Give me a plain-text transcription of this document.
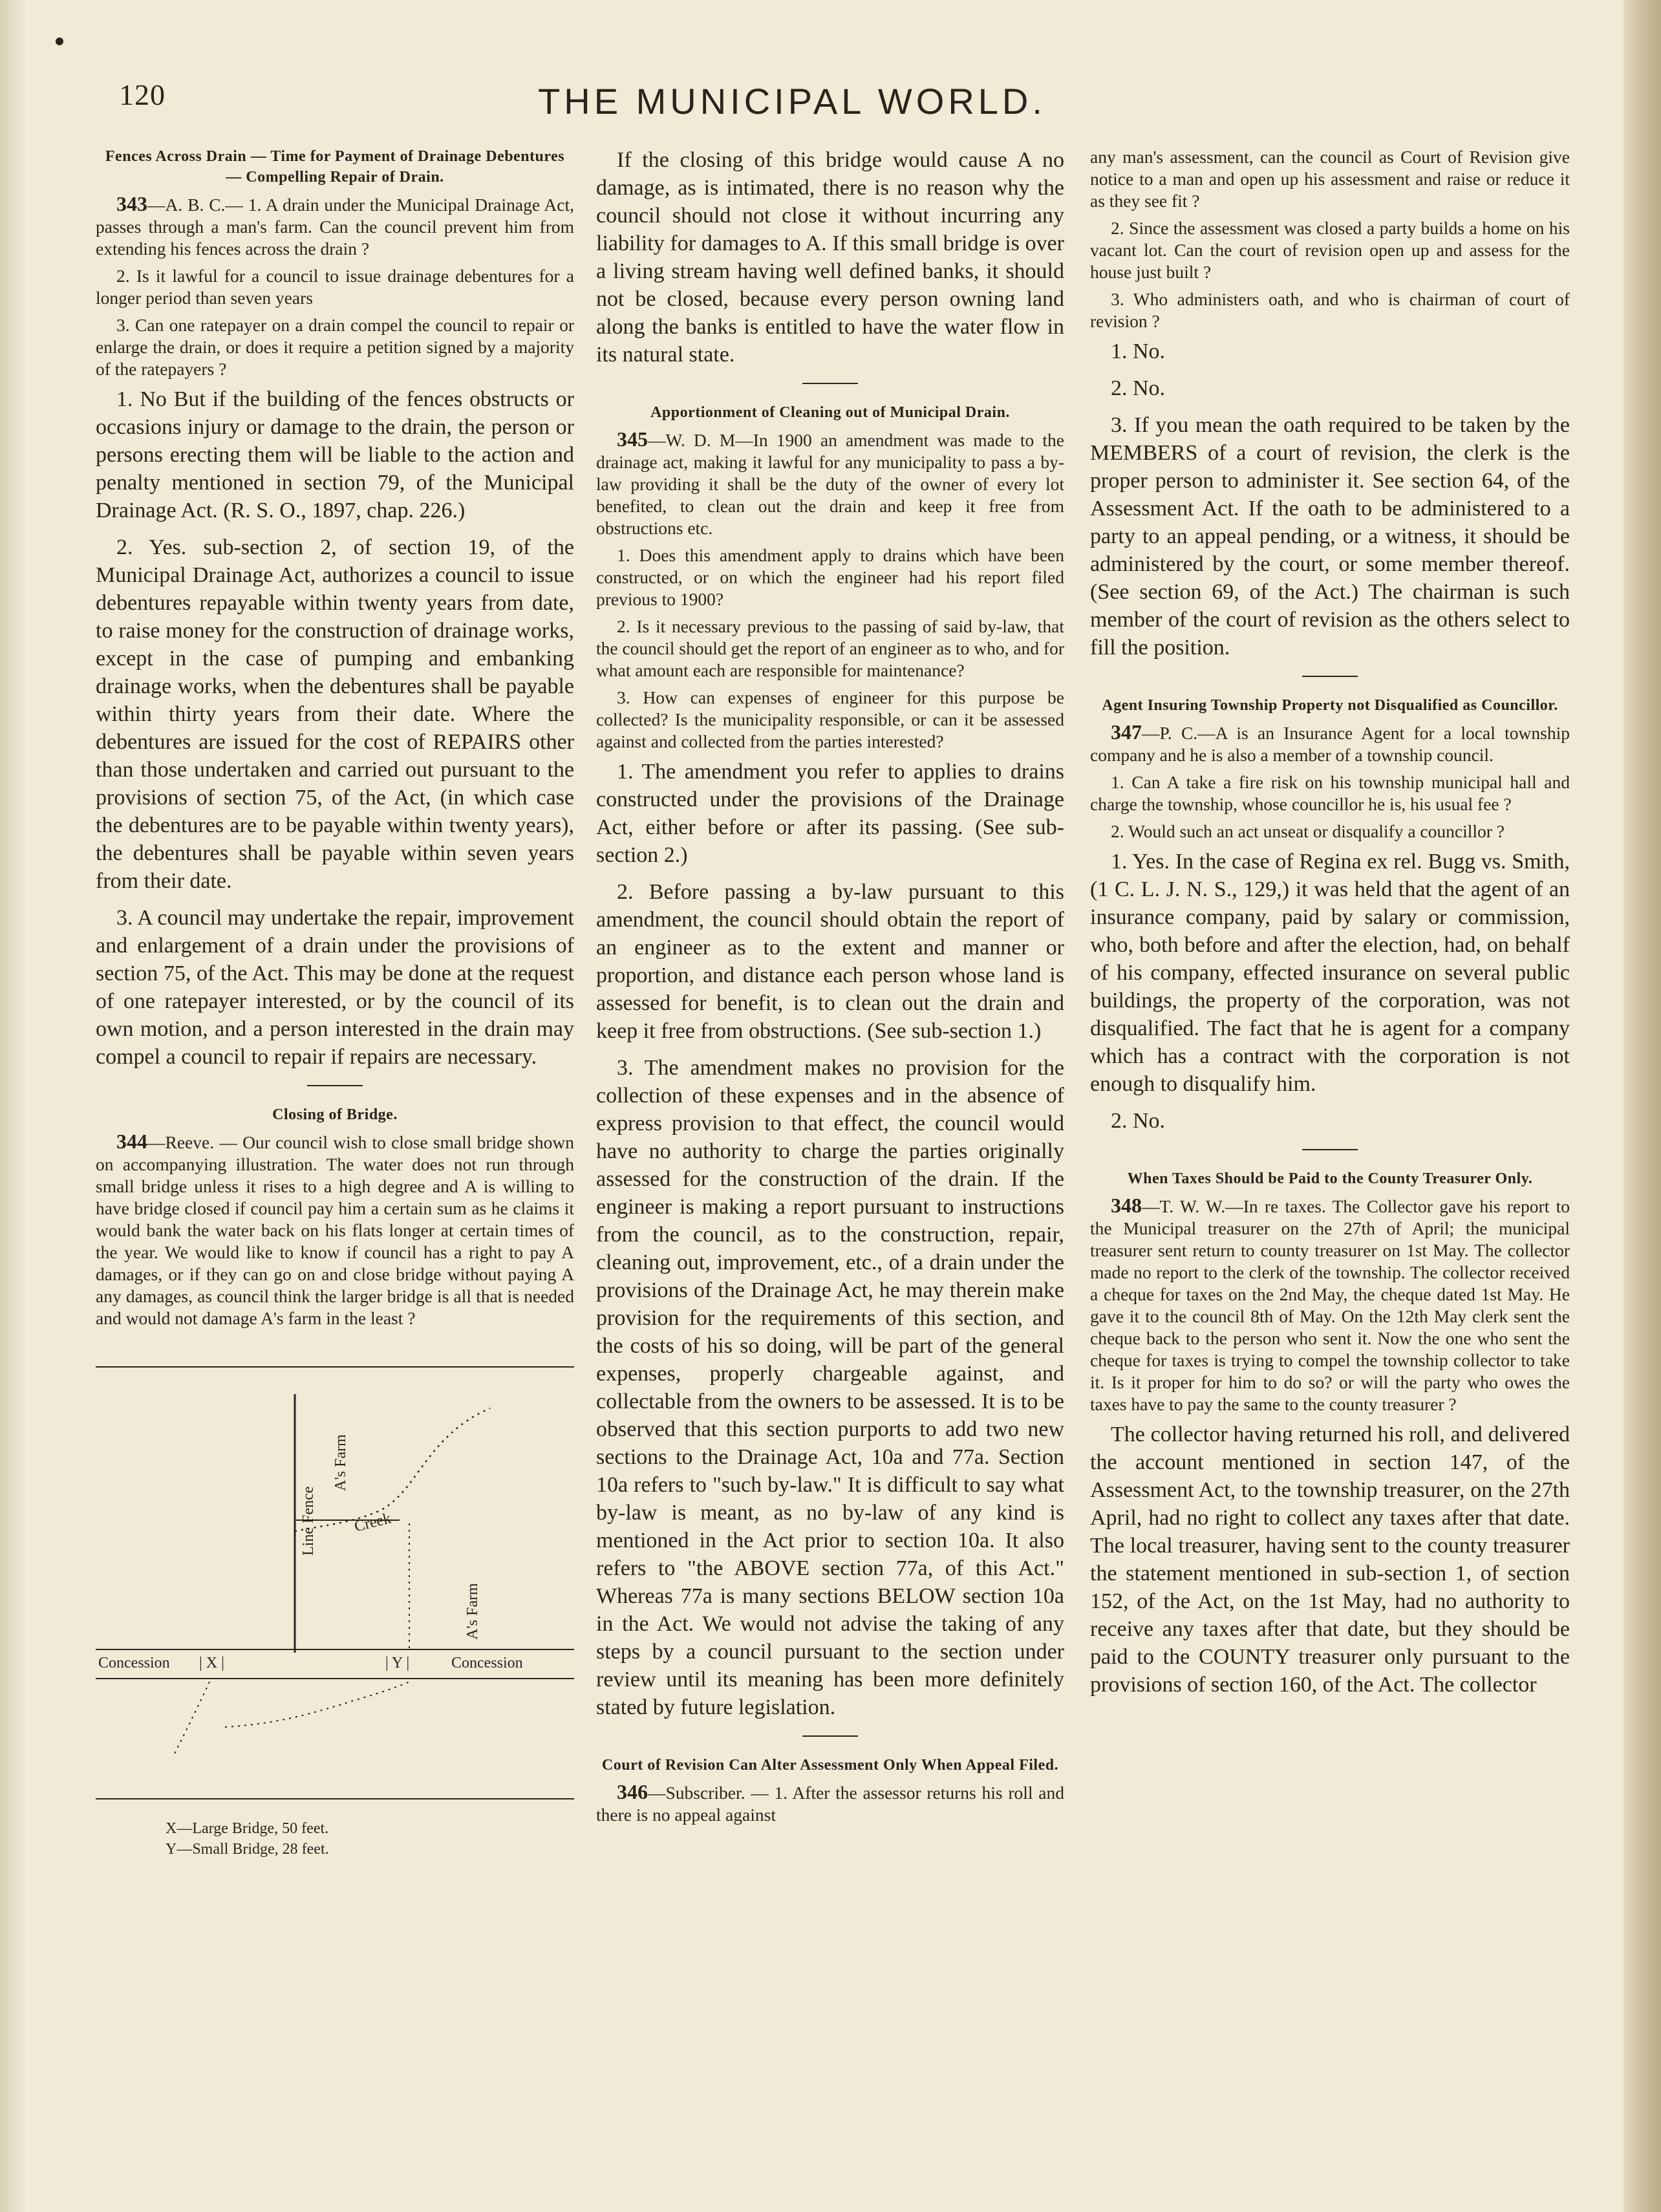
120	THE MUNICIPAL WORLD.
Fences Across Drain — Time for Payment of Drainage Debentures — Compelling Repair of Drain.

343—A. B. C.— 1. A drain under the Municipal Drainage Act, passes through a man's farm. Can the council prevent him from extending his fences across the drain ?

2. Is it lawful for a council to issue drainage debentures for a longer period than seven years

3. Can one ratepayer on a drain compel the council to repair or enlarge the drain, or does it require a petition signed by a majority of the ratepayers ?

1. No But if the building of the fences obstructs or occasions injury or damage to the drain, the person or persons erecting them will be liable to the action and penalty mentioned in section 79, of the Municipal Drainage Act. (R. S. O., 1897, chap. 226.)

2. Yes. sub-section 2, of section 19, of the Municipal Drainage Act, authorizes a council to issue debentures repayable within twenty years from date, to raise money for the construction of drainage works, except in the case of pumping and embanking drainage works, when the debentures shall be payable within thirty years from their date. Where the debentures are issued for the cost of REPAIRS other than those undertaken and carried out pursuant to the provisions of section 75, of the Act, (in which case the debentures are to be payable within twenty years), the debentures shall be payable within seven years from their date.

3. A council may undertake the repair, improvement and enlargement of a drain under the provisions of section 75, of the Act. This may be done at the request of one ratepayer interested, or by the council of its own motion, and a person interested in the drain may compel a council to repair if repairs are necessary.

Closing of Bridge.

344—Reeve. — Our council wish to close small bridge shown on accompanying illustration. The water does not run through small bridge unless it rises to a high degree and A is willing to have bridge closed if council pay him a certain sum as he claims it would bank the water back on his flats longer at certain times of the year. We would like to know if council has a right to pay A damages, or if they can go on and close bridge without paying A any damages, as council think the larger bridge is all that is needed and would not damage A's farm in the least ?

Line Fence
A's Farm
Creek
A's Farm
Concession | X |	| Y |	Concession
X—Large Bridge, 50 feet.
Y—Small Bridge, 28 feet.

If the closing of this bridge would cause A no damage, as is intimated, there is no reason why the council should not close it without incurring any liability for damages to A. If this small bridge is over a living stream having well defined banks, it should not be closed, because every person owning land along the banks is entitled to have the water flow in its natural state.

Apportionment of Cleaning out of Municipal Drain.

345—W. D. M—In 1900 an amendment was made to the drainage act, making it lawful for any municipality to pass a by-law providing it shall be the duty of the owner of every lot benefited, to clean out the drain and keep it free from obstructions etc.

1. Does this amendment apply to drains which have been constructed, or on which the engineer had his report filed previous to 1900?

2. Is it necessary previous to the passing of said by-law, that the council should get the report of an engineer as to who, and for what amount each are responsible for maintenance?

3. How can expenses of engineer for this purpose be collected? Is the municipality responsible, or can it be assessed against and collected from the parties interested?

1. The amendment you refer to applies to drains constructed under the provisions of the Drainage Act, either before or after its passing. (See sub-section 2.)

2. Before passing a by-law pursuant to this amendment, the council should obtain the report of an engineer as to the extent and manner or proportion, and distance each person whose land is assessed for benefit, is to clean out the drain and keep it free from obstructions. (See sub-section 1.)

3. The amendment makes no provision for the collection of these expenses and in the absence of express provision to that effect, the council would have no authority to charge the parties originally assessed for the construction of the drain. If the engineer is making a report pursuant to instructions from the council, as to the construction, repair, cleaning out, improvement, etc., of a drain under the provisions of the Drainage Act, he may therein make provision for the requirements of this section, and the costs of his so doing, will be part of the general expenses, properly chargeable against, and collectable from the owners to be assessed. It is to be observed that this section purports to add two new sections to the Drainage Act, 10a and 77a. Section 10a refers to "such by-law." It is difficult to say what by-law is meant, as no by-law of any kind is mentioned in the Act prior to section 10a. It also refers to "the ABOVE section 77a, of this Act." Whereas 77a is many sections BELOW section 10a in the Act. We would not advise the taking of any steps by a council pursuant to the section under review until its meaning has been more definitely stated by future legislation.

Court of Revision Can Alter Assessment Only When Appeal Filed.

346—Subscriber. — 1. After the assessor returns his roll and there is no appeal against

any man's assessment, can the council as Court of Revision give notice to a man and open up his assessment and raise or reduce it as they see fit ?

2. Since the assessment was closed a party builds a home on his vacant lot. Can the court of revision open up and assess for the house just built ?

3. Who administers oath, and who is chairman of court of revision ?

1. No.

2. No.

3. If you mean the oath required to be taken by the MEMBERS of a court of revision, the clerk is the proper person to administer it. See section 64, of the Assessment Act. If the oath to be administered to a party to an appeal pending, or a witness, it should be administered by the court, or some member thereof. (See section 69, of the Act.) The chairman is such member of the court of revision as the others select to fill the position.

Agent Insuring Township Property not Disqualified as Councillor.

347—P. C.—A is an Insurance Agent for a local township company and he is also a member of a township council.

1. Can A take a fire risk on his township municipal hall and charge the township, whose councillor he is, his usual fee ?

2. Would such an act unseat or disqualify a councillor ?

1. Yes. In the case of Regina ex rel. Bugg vs. Smith, (1 C. L. J. N. S., 129,) it was held that the agent of an insurance company, paid by salary or commission, who, both before and after the election, had, on behalf of his company, effected insurance on several public buildings, the property of the corporation, was not disqualified. The fact that he is agent for a company which has a contract with the corporation is not enough to disqualify him.

2. No.

When Taxes Should be Paid to the County Treasurer Only.

348—T. W. W.—In re taxes. The Collector gave his report to the Municipal treasurer on the 27th of April; the municipal treasurer sent return to county treasurer on 1st May. The collector made no report to the clerk of the township. The collector received a cheque for taxes on the 2nd May, the cheque dated 1st May. He gave it to the council 8th of May. On the 12th May clerk sent the cheque back to the person who sent it. Now the one who sent the cheque for taxes is trying to compel the township collector to take it. Is it proper for him to do so? or will the party who owes the taxes have to pay the same to the county treasurer ?

The collector having returned his roll, and delivered the account mentioned in section 147, of the Assessment Act, to the township treasurer, on the 27th April, had no right to collect any taxes after that date. The local treasurer, having sent to the county treasurer the statement mentioned in sub-section 1, of section 152, of the Act, on the 1st May, had no authority to receive any taxes after that date, but they should be paid to the COUNTY treasurer only pursuant to the provisions of section 160, of the Act. The collector
